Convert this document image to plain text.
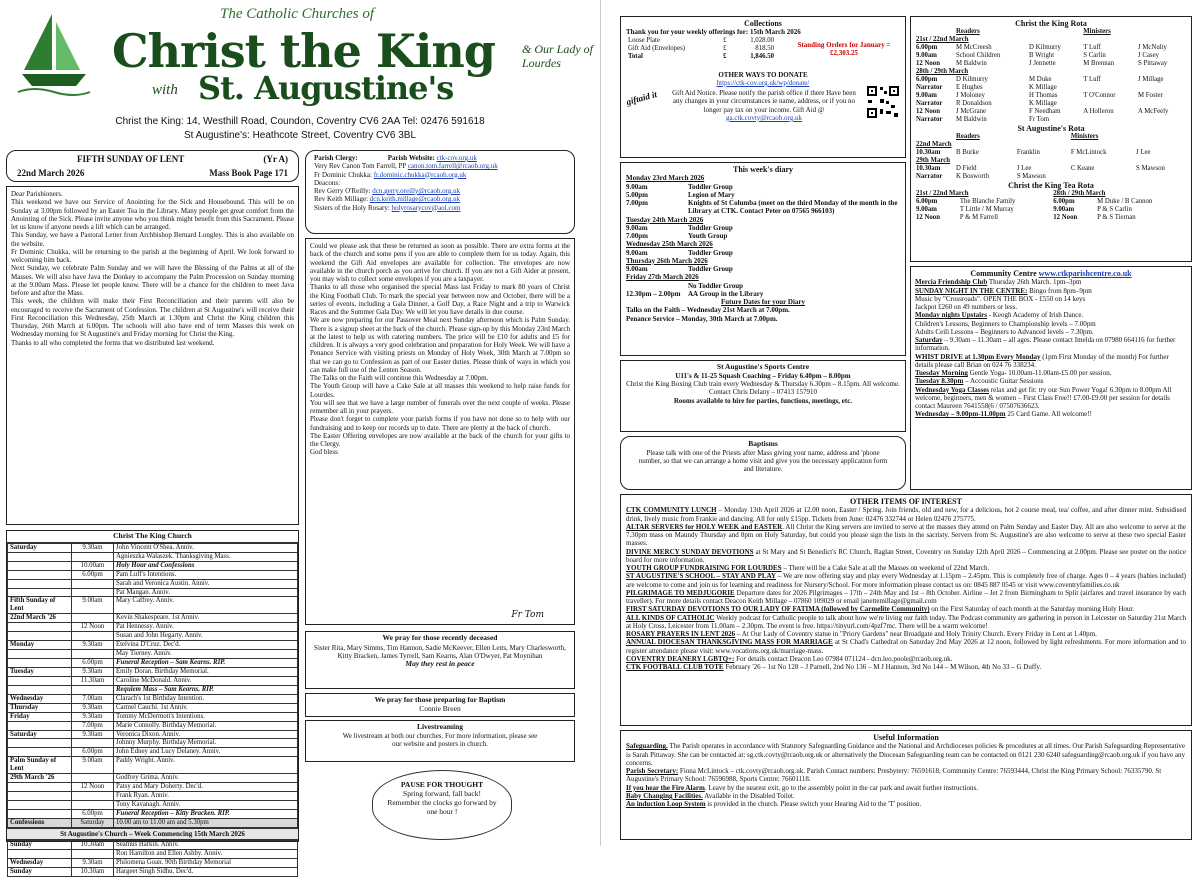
The Catholic Churches of
Christ the King
with St. Augustine's
& Our Lady of Lourdes
Christ the King: 14, Westhill Road, Coundon, Coventry CV6 2AA Tel: 02476 591618
St Augustine's: Heathcote Street, Coventry CV6 3BL
FIFTH SUNDAY OF LENT	(Yr A)
22nd March 2026	Mass Book Page 171
Parish Clergy:	Parish Website: ctk-cov.org.uk
Very Rev Canon Tom Farrell, PP canon.tom.farrell@rcaob.org.uk
Fr Dominic Chukka: fr.dominic.chukka@rcaob.org.uk
Deacons:
Rev Gerry O'Reilly: dcn.gerry.oreilly@rcaob.org.uk
Rev Keith Millage: dcn.keith.millage@rcaob.org.uk
Sisters of the Holy Rosary: holyrosarycov@aol.com

Dear Parishioners.

This weekend we have our Service of Anointing for the Sick and Housebound. This will be on Sunday at 3.00pm followed by an Easter Tea in the Library. Many people get great comfort from the Anointing of the Sick. Please invite anyone who you think might benefit from this Sacrament. Please let us know if anyone needs a lift which can be arranged.

This Sunday, we have a Pastoral Letter from Archbishop Bernard Longley. This is also available on the website.

Fr Dominic Chukka, will be returning to the parish at the beginning of April. We look forward to welcoming him back.

Next Sunday, we celebrate Palm Sunday and we will have the Blessing of the Palms at all of the Masses. We will also have Java the Donkey to accompany the Palm Procession on Sunday morning at the 9.00am Mass. Please let people know. There will be a chance for the children to meet Java before and after the Mass.

This week, the children will make their First Reconciliation and their parents will also be encouraged to receive the Sacrament of Confession. The children at St Augustine's will receive their First Reconciliation this Wednesday, 25th March at 1.30pm and Christ the King children this Thursday, 26th March at 6.00pm. The schools will also have end of term Masses this week on Wednesday morning for St Augustine's and Friday morning for Christ the King.

Thanks to all who completed the forms that we distributed last weekend.

Could we please ask that these be returned as soon as possible. There are extra forms at the back of the church and some pens if you are able to complete them for us today. Again, this weekend the Gift Aid envelopes are available for collection. The envelopes are now available in the church porch as you arrive for church. If you are not a Gift Aider at present, you may wish to collect some envelopes if you are a taxpayer.

Thanks to all those who organised the special Mass last Friday to mark 80 years of Christ the King Football Club. To mark the special year between now and October, there will be a series of events, including a Gala Dinner, a Golf Day, a Race Night and a trip to Warwick Races and the Summer Gala Day. We will let you have details in due course.

We are now preparing for our Passover Meal next Sunday afternoon which is Palm Sunday. There is a signup sheet at the back of the church. Please sign-up by this Monday 23rd March at the latest to help us with catering numbers. The price will be £10 for adults and £5 for children. It is always a very good celebration and preparation for Holy Week. We will have a Penance Service with visiting priests on Monday of Holy Week, 30th March at 7.00pm so that we can go to Confession as part of our Easter duties. Please think of ways in which you can make full use of the Lenten Season.

The Talks on the Faith will continue this Wednesday at 7.00pm.

The Youth Group will have a Cake Sale at all masses this weekend to help raise funds for Lourdes.

You will see that we have a large number of funerals over the next couple of weeks. Please remember all in your prayers.

Please don't forget to complete your parish forms if you have not done so to help with our fundraising and to keep our records up to date. There are plenty at the back of church.

The Easter Offering envelopes are now available at the back of the church for your gifts to the Clergy.

God bless

Fr Tom
Christ The King Church
Saturday	9.30am	John Vincent O'Shea. Anniv.
		Agnieszka Walaszek. Thanksgiving Mass.
	10.00am	Holy Hour and Confessions
	6.00pm	Pam Luff's Intentions.
		Sarah and Veronica Austin. Anniv.
		Pat Mangan. Anniv.
Fifth Sunday of Lent	9.00am	Mary Caffrey. Anniv.
22nd March '26		Kevin Shakespeare. 1st Anniv.
	12 Noon	Pat Hennessy. Anniv.
		Susan and John Hegarty. Anniv.
Monday	9.30am	Etelvina D'Cruz. Dec'd.
		May Tierney. Anniv.
	6.00pm	Funeral Reception – Sam Kearns. RIP.
Tuesday	9.30am	Emily Doran. Birthday Memorial.
	11.30am	Caroline McDonald. Anniv.
		Requiem Mass – Sam Kearns. RIP.
Wednesday	7.00am	Clarach's 1st Birthday Intention.
Thursday	9.30am	Carmel Cauchi. 1st Anniv.
Friday	9.30am	Tommy McDermott's Intentions.
	7.00pm	Marie Connolly. Birthday Memorial.
Saturday	9.30am	Veronica Dixon. Anniv.
		Johnny Murphy. Birthday Memorial.
	6.00pm	John Edney and Lucy Delaney. Anniv.
Palm Sunday of Lent	9.00am	Paddy Wright. Anniv.
29th March '26		Godfrey Grima. Anniv.
	12 Noon	Patsy and Mary Doherty. Dec'd.
		Frank Ryan. Anniv.
		Tony Kavanagh. Anniv.
	6.00pm	Funeral Reception – Kitty Bracken. RIP.
Confessions	Saturday	10.00 am to 11.00 am and 5.30pm
St Augustine's Church – Week Commencing 15th March 2026
Sunday	10.30am	Seamus Harkin. Anniv.
		Ron Hamilton and Ellen Ashby. Anniv.
Wednesday	9.30am	Philomena Goan. 90th Birthday Memorial
Sunday	10.30am	Hargeet Singh Sidhu. Dec'd.
We pray for those recently deceased
Sister Rita, Mary Simms, Tim Hannon, Sadie McKeever, Ellen Letts, Mary Charlesworth, Kitty Bracken, James Tyrrell, Sam Kearns, Alan O'Dwyer, Pat Moynihan
May they rest in peace
We pray for those preparing for Baptism
Connie Breen
Livestreaming
We livestream at both our churches. For more information, please see our website and posters in church.
PAUSE FOR THOUGHT
Spring forward, fall back! Remember the clocks go forward by one hour !
Collections
Thank you for your weekly offerings for: 15th March 2026
Loose Plate	£	1,028.00
Gift Aid (Envelopes)	£	818.50
Total	£	1,846.50
Standing Orders for January = £2,303.25
OTHER WAYS TO DONATE
https://ctk-cov.org.uk/wp/donate/
giftaid it	Gift Aid Notice. Please notify the parish office if there Have been any changes in your circumstances ie name, address, or if you no longer pay tax on your income. Gift Aid @ ga.ctk.covty@rcaob.org.uk
This week's diary
Monday 23rd March 2026
9.00am	Toddler Group
5.00pm	Legion of Mary
7.00pm	Knights of St Columba (meet on the third Monday of the month in the Library at CTK. Contact Peter on 07565 966103)
Tuesday 24th March 2026
9.00am	Toddler Group
7.00pm	Youth Group
Wednesday 25th March 2026
9.00am	Toddler Group
Thursday 26th March 2026
9.00am	Toddler Group
Friday 27th March 2026
No Toddler Group
12.30pm – 2.00pm	AA Group in the Library
Future Dates for your Diary
Talks on the Faith – Wednesday 21st March at 7.00pm.
Penance Service – Monday, 30th March at 7.00pm.
St Augustine's Sports Centre
U11's & 11-25 Squash Coaching – Friday 6.40pm – 8.00pm
Christ the King Boxing Club train every Wednesday & Thursday 6.30pm – 8.15pm. All welcome.
Contact Chris Delany – 07413 157910
Rooms available to hire for parties, functions, meetings, etc.
Baptisms
Please talk with one of the Priests after Mass giving your name, address and 'phone number, so that we can arrange a home visit and give you the necessary application form and literature.
Christ the King Rota
	Readers		Ministers	
21st / 22nd March				
6.00pm	M McCreesh	D Kilmurry	T Luff	J McNulty
9.00am	School Children	B Wright	S Carlin	J Casey
12 Noon	M Baldwin	J Jennette	M Brennan	S Pittaway
28th / 29th March				
6.00pm	D Kilmurry	M Duke	T Luff	J Millage
Narrator	E Hughes	K Millage		
9.00am	J Moloney	H Thomas	T O'Connor	M Foster
Narrator	R Donaldson	K Millage		
12 Noon	J McGrane	F Needham	A Holleron	A McFeely
Narrator	M Baldwin	Fr Tom		
St Augustine's Rota
	Readers		Ministers	
22nd March				
10.30am	B Burke	Franklin	F McLintock	J Lee
29th March				
10.30am	D Field	J Lee	C Keane	S Mawson
Narrator	K Bosworth	S Mawson		
Christ the King Tea Rota
21st / 22nd March		28th / 29th March	
6.00pm	The Blanche Family	6.00pm	M Duke / B Cannon
9.00am	T Little / M Murray	9.00am	P & S Carlin
12 Noon	P & M Farrell	12 Noon	P & S Tiernan
Community Centre www.ctkparishcentre.co.uk
Mercia Friendship Club Thursday 26th March. 1pm–3pm
SUNDAY NIGHT IN THE CENTRE: Bingo from 8pm–9pm
Music by "Crossroads". OPEN THE BOX - £550 on 14 keys
Jackpot £260 on 49 numbers or less.
Monday nights Upstairs - Keogh Academy of Irish Dance.
Children's Lessons, Beginners to Championship levels – 7.00pm
Adults Ceili Lessons – Beginners to Advanced levels – 7.30pm.
Saturday – 9.30am – 11.30am – all ages. Please contact Imelda on 07980 664116 for further information.
WHIST DRIVE at 1.30pm Every Monday (1pm First Monday of the month) For further details please call Brian on 024 76 338234.
Tuesday Morning Gentle Yoga- 10.00am-11.00am-£5.00 per session.
Tuesday 8.30pm – Accoustic Guitar Sessions
Wednesday Yoga Classes relax and get fit: try our Sun Power Yoga! 6.30pm to 8.00pm All welcome, beginners, men & women – First Class Free!! £7.00-£9.00 per session for details contact Maureen 7641558(6 / 07507636623.
Wednesday – 9.00pm-11.00pm 25 Card Game. All welcome!!
OTHER ITEMS OF INTEREST
CTK COMMUNITY LUNCH – Monday 13th April 2026 at 12.00 noon, Easter / Spring. Join friends, old and new, for a delicious, hot 2 course meal, tea/ coffee, and after dinner mint. Subsidised drink, lively music from Frankie and dancing. All for only £15pp. Tickets from June: 02476 332744 or Helen 02476 275775.
ALTAR SERVERS for HOLY WEEK and EASTER. All Christ the King servers are invited to serve at the masses they attend on Palm Sunday and Easter Day. All are also welcome to serve at the 7.30pm mass on Maundy Thursday and 8pm on Holy Saturday, but could you please sign the lists in the sacristy. Servers from St. Augustine's are also welcome to serve at these two special Easter masses.
DIVINE MERCY SUNDAY DEVOTIONS at St Mary and St Benedict's RC Church, Raglan Street, Coventry on Sunday 12th April 2026 – Commencing at 2.00pm. Please see poster on the notice board for more information.
YOUTH GROUP FUNDRAISING FOR LOURDES – There will be a Cake Sale at all the Masses on weekend of 22nd March.
ST AUGUSTINE'S SCHOOL – STAY AND PLAY – We are now offering stay and play every Wednesday at 1.15pm – 2.45pm. This is completely free of charge. Ages 0 – 4 years (babies included) are welcome to come and join us for learning and readiness for Nursery/School. For more information please contact us on: 0845 887 0545 or visit www.coventryfamilies.co.uk
PILGRIMAGE TO MEDJUGORIE Departure dates for 2026 Pilgrimages – 17th – 24th May and 1st – 8th October. Airline – Jet 2 from Birmingham to Split (airfares and travel insurance by each traveller). For more details contact Deacon Keith Millage – 07860 109029 or email janettemillage@gmail.com
FIRST SATURDAY DEVOTIONS TO OUR LADY OF FATIMA (followed by Carmelite Community) on the First Saturday of each month at the Saturday morning Holy Hour.
ALL KINDS OF CATHOLIC Weekly podcast for Catholic people to talk about how we're living our faith today. The Podcast community are gathering in person in Leicester on Saturday 21st March at Holy Cross, Leicester from 11.00am – 2.30pm. The event is free. https://tinyurl.com/4pzf7mc. There will be a warm welcome!
ROSARY PRAYERS IN LENT 2026 – At Our Lady of Coventry statue in "Priory Gardens" near Broadgate and Holy Trinity Church. Every Friday in Lent at 1.40pm.
ANNUAL DIOCESAN THANKSGIVING MASS FOR MARRIAGE at St Chad's Cathedral on Saturday 2nd May 2026 at 12 noon, followed by light refreshments. For more information and to register attendance please visit: www.vocations.org.uk/marriage-mass.
COVENTRY DEANERY LGBTQ+: For details contact Deacon Leo 07984 071124 - dcn.leo.poole@rcaob.org.uk.
CTK FOOTBALL CLUB TOTE February '26 – 1st No 128 – J Parnell, 2nd No 136 – M J Hannon, 3rd No 144 – M Wilson, 4th No 33 – G Duffy.
Useful Information
Safeguarding. The Parish operates in accordance with Statutory Safeguarding Guidance and the National and Archdioceses policies & procedures at all times. Our Parish Safeguarding Representative is Sarah Pittaway. She can be contacted at: sg.ctk.covty@rcaob.org.uk or alternatively the Diocesan Safeguarding team can be contacted on 0121 230 6240 safeguarding@rcaob.org.uk if you have any concerns.
Parish Secretary: Fiona McLintock – ctk.covty@rcaob.org.uk. Parish Contact numbers: Presbytery: 76591618, Community Centre: 76593444, Christ the King Primary School: 76335790. St Augustine's Primary School: 76596988, Sports Centre: 76601118.
If you hear the Fire Alarm. Leave by the nearest exit, go to the assembly point in the car park and await further instructions.
Baby Changing Facilities. Available in the Disabled Toilet.
An induction Loop System is provided in the church. Please switch your Hearing Aid to the 'T' position.
